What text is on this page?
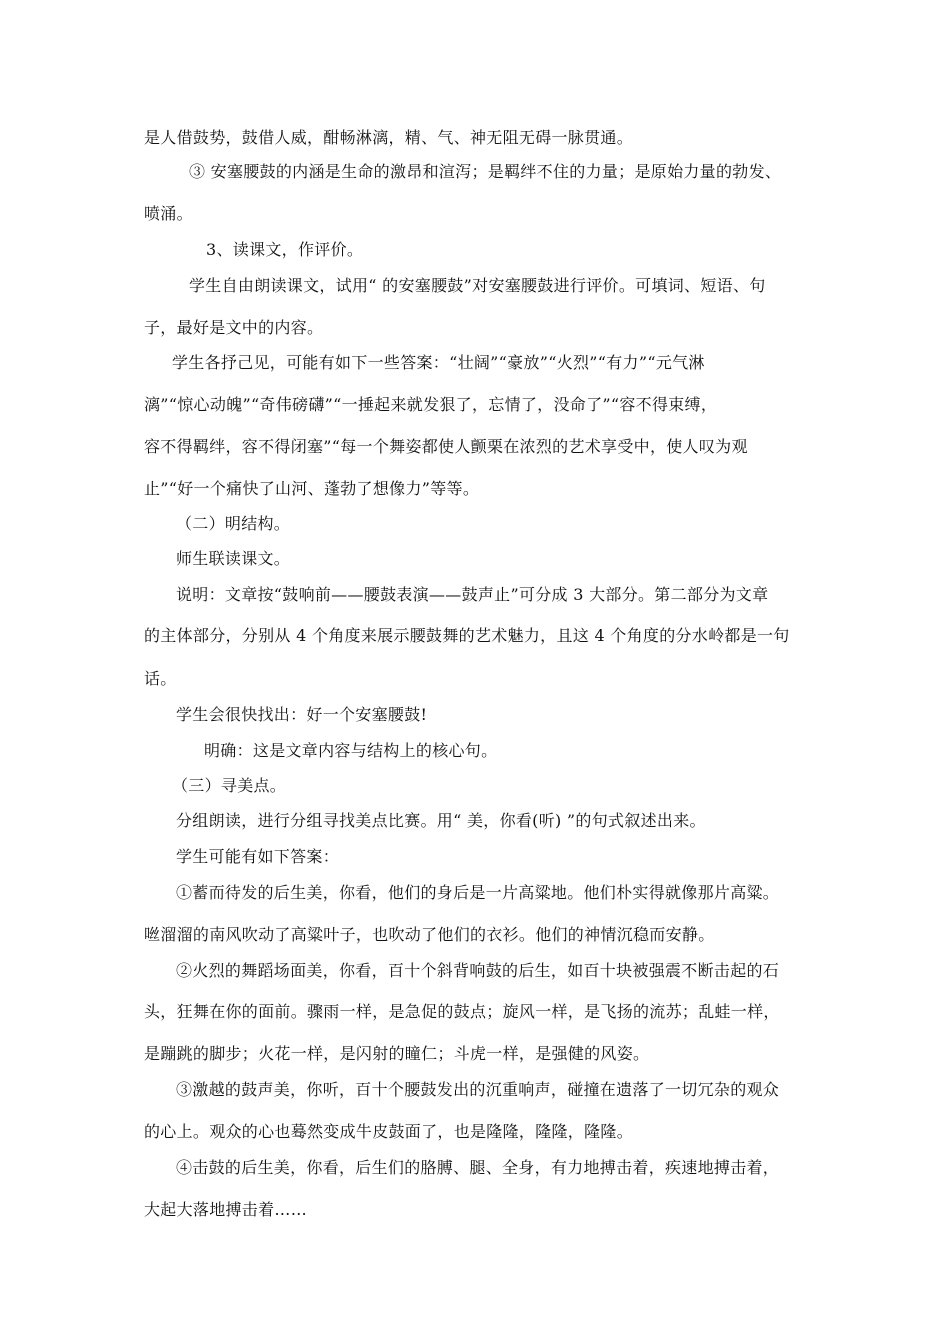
是人借鼓势，鼓借人威，酣畅淋漓，精、气、神无阻无碍一脉贯通。
③ 安塞腰鼓的内涵是生命的激昂和渲泻；是羁绊不住的力量；是原始力量的勃发、
喷涌。
3、读课文，作评价。
学生自由朗读课文，试用“ 的安塞腰鼓”对安塞腰鼓进行评价。可填词、短语、句
子，最好是文中的内容。
学生各抒己见，可能有如下一些答案：“壮阔”“豪放”“火烈”“有力”“元气淋
漓”“惊心动魄”“奇伟磅礴”“一捶起来就发狠了，忘情了，没命了”“容不得束缚，
容不得羁绊，容不得闭塞”“每一个舞姿都使人颤栗在浓烈的艺术享受中，使人叹为观
止”“好一个痛快了山河、蓬勃了想像力”等等。
（二）明结构。
师生联读课文。
说明：文章按“鼓响前——腰鼓表演——鼓声止”可分成 3 大部分。第二部分为文章
的主体部分，分别从 4 个角度来展示腰鼓舞的艺术魅力，且这 4 个角度的分水岭都是一句
话。
学生会很快找出：好一个安塞腰鼓!
明确：这是文章内容与结构上的核心句。
（三）寻美点。
分组朗读，进行分组寻找美点比赛。用“ 美，你看(听) ”的句式叙述出来。
学生可能有如下答案：
①蓄而待发的后生美，你看，他们的身后是一片高粱地。他们朴实得就像那片高粱。
咝溜溜的南风吹动了高粱叶子，也吹动了他们的衣衫。他们的神情沉稳而安静。
②火烈的舞蹈场面美，你看，百十个斜背响鼓的后生，如百十块被强震不断击起的石
头，狂舞在你的面前。骤雨一样，是急促的鼓点；旋风一样，是飞扬的流苏；乱蛙一样，
是蹦跳的脚步；火花一样，是闪射的瞳仁；斗虎一样，是强健的风姿。
③激越的鼓声美，你听，百十个腰鼓发出的沉重响声，碰撞在遗落了一切冗杂的观众
的心上。观众的心也蓦然变成牛皮鼓面了，也是隆隆，隆隆，隆隆。
④击鼓的后生美，你看，后生们的胳膊、腿、全身，有力地搏击着，疾速地搏击着，
大起大落地搏击着……
